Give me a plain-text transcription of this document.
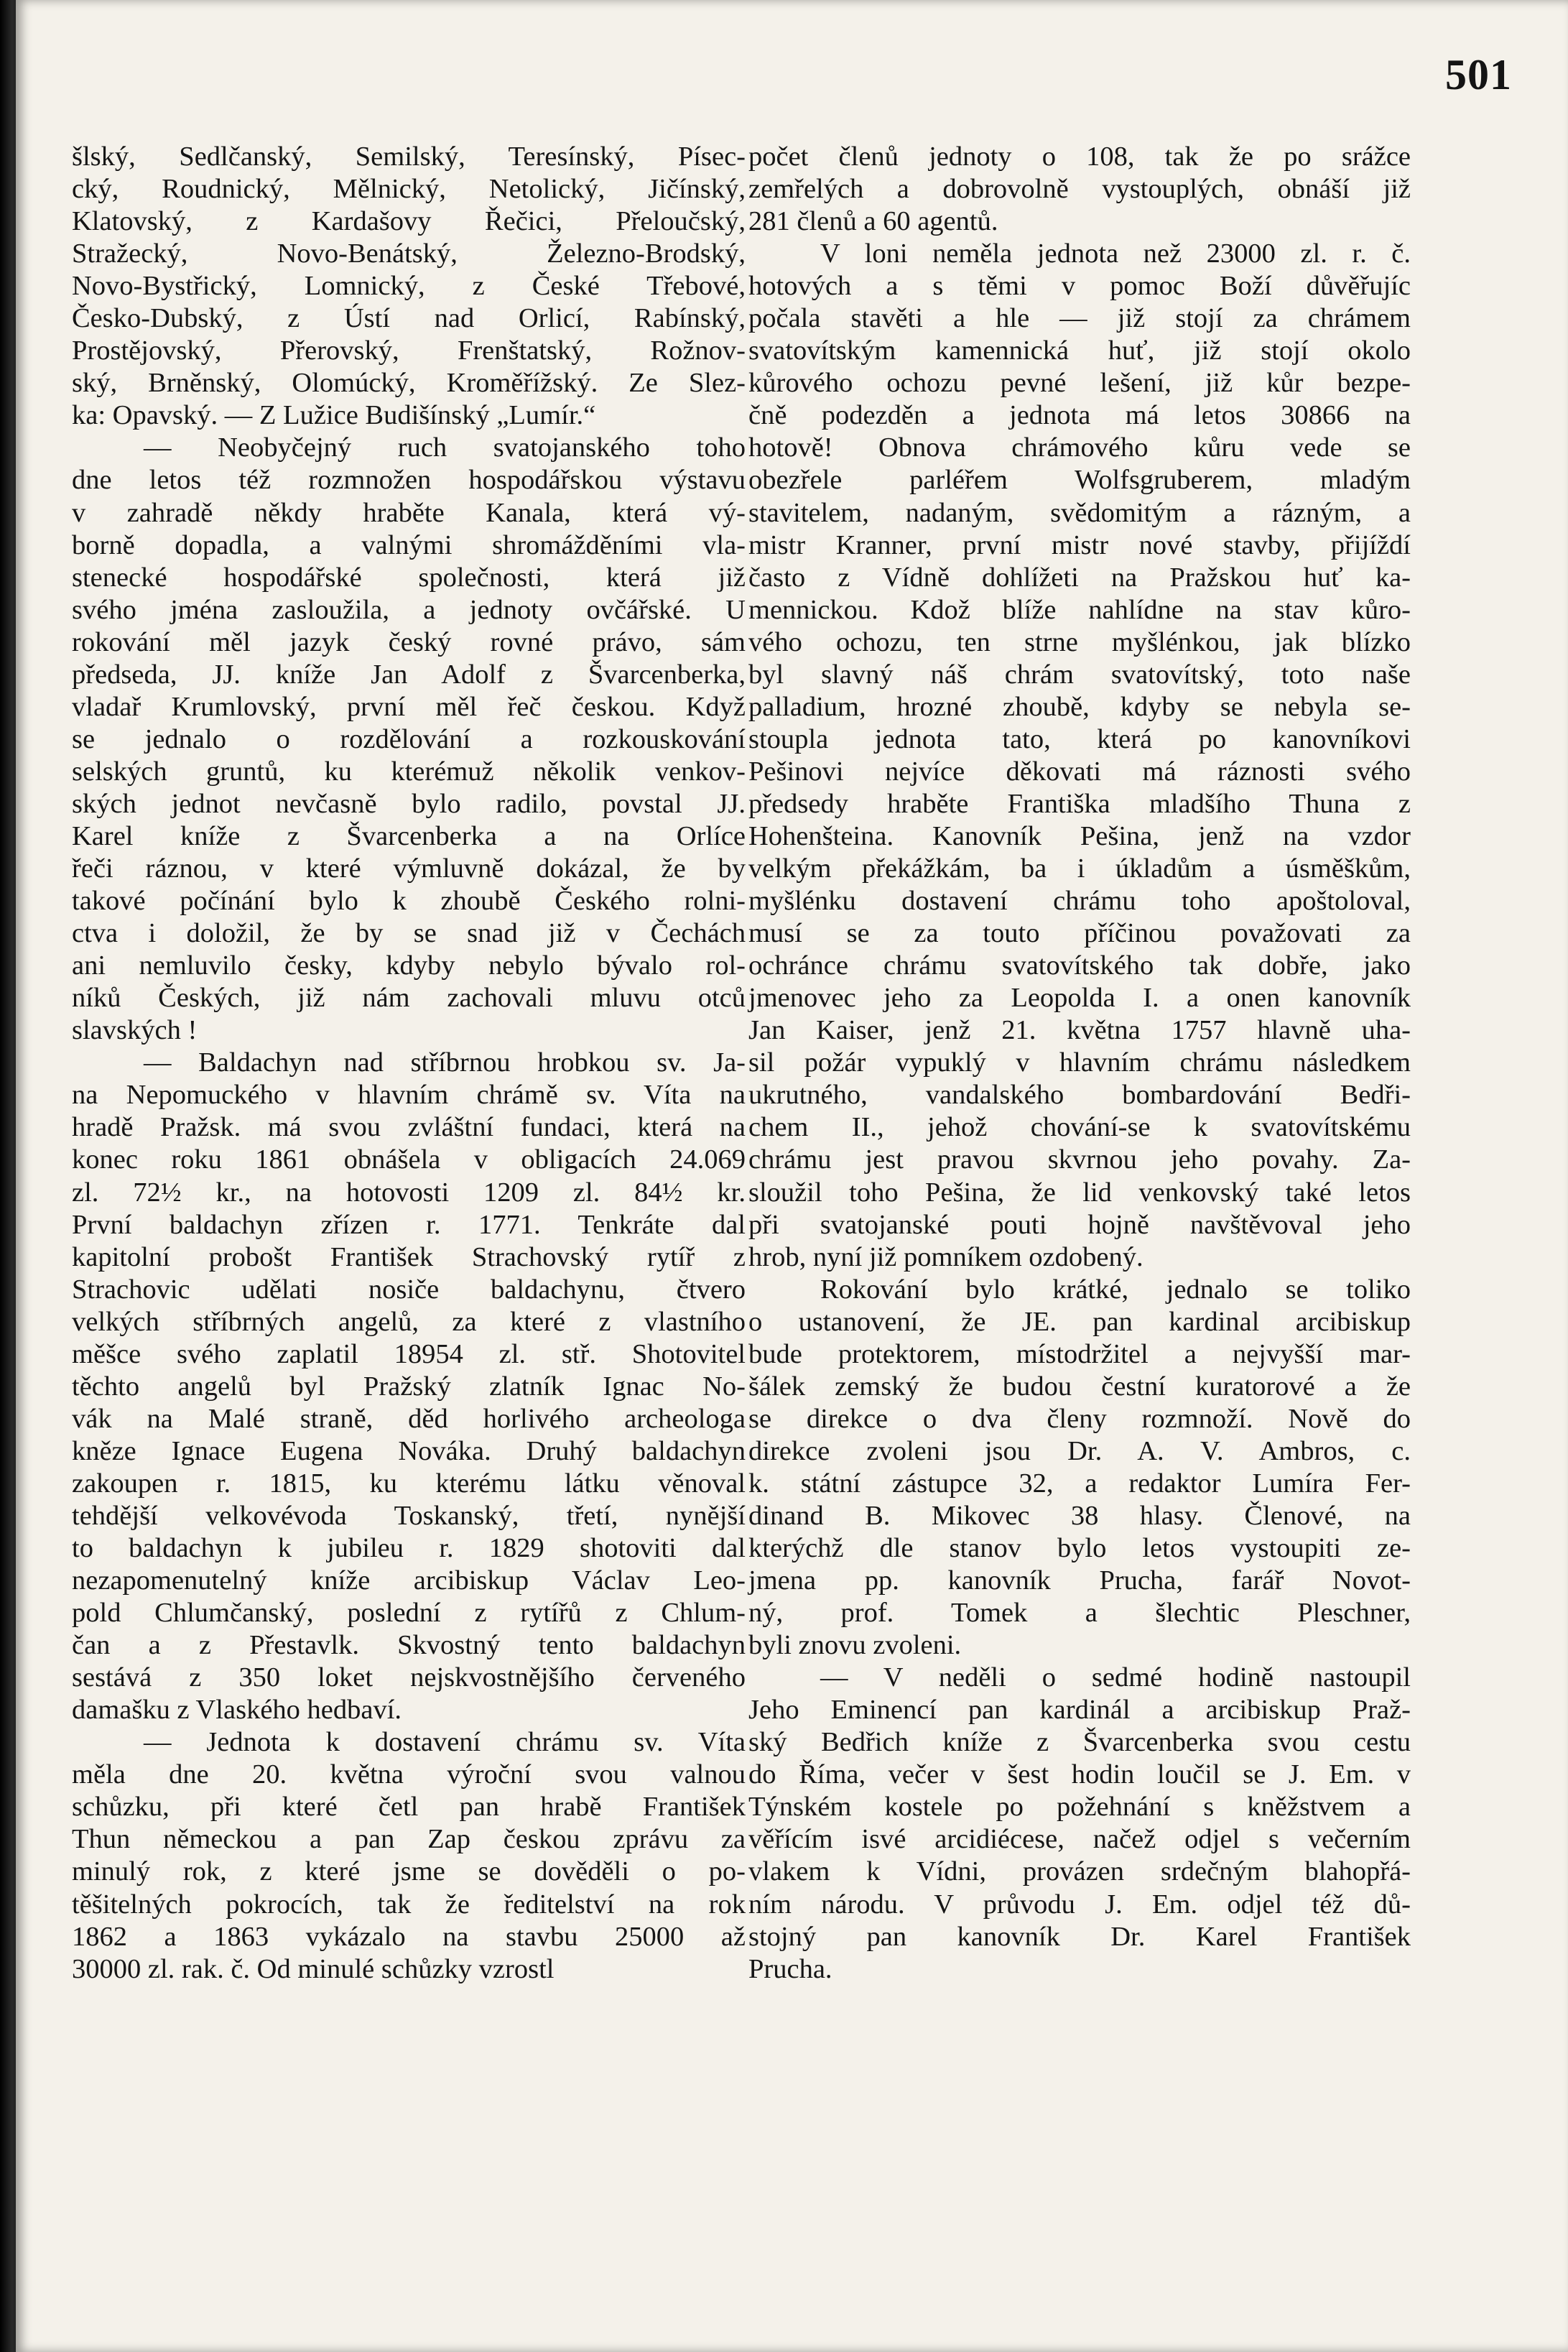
501
šlský, Sedlčanský, Semilský, Teresínský, Písec-
cký, Roudnický, Mělnický, Netolický, Jičínský,
Klatovský, z Kardašovy Řečici, Přeloučský,
Stražecký, Novo-Benátský, Železno-Brodský,
Novo-Bystřický, Lomnický, z České Třebové,
Česko-Dubský, z Ústí nad Orlicí, Rabínský,
Prostějovský, Přerovský, Frenštatský, Rožnov-
ský, Brněnský, Olomúcký, Kroměřížský. Ze Slez-
ka: Opavský. — Z Lužice Budišínský „Lumír.“
— Neobyčejný ruch svatojanského toho
dne letos též rozmnožen hospodářskou výstavu
v zahradě někdy hraběte Kanala, která vý-
borně dopadla, a valnými shromážděními vla-
stenecké hospodářské společnosti, která již
svého jména zasloužila, a jednoty ovčářské. U
rokování měl jazyk český rovné právo, sám
předseda, JJ. kníže Jan Adolf z Švarcenberka,
vladař Krumlovský, první měl řeč českou. Když
se jednalo o rozdělování a rozkouskování
selských gruntů, ku kterémuž několik venkov-
ských jednot nevčasně bylo radilo, povstal JJ.
Karel kníže z Švarcenberka a na Orlíce
řeči ráznou, v které výmluvně dokázal, že by
takové počínání bylo k zhoubě Českého rolni-
ctva i doložil, že by se snad již v Čechách
ani nemluvilo česky, kdyby nebylo bývalo rol-
níků Českých, již nám zachovali mluvu otců
slavských !
— Baldachyn nad stříbrnou hrobkou sv. Ja-
na Nepomuckého v hlavním chrámě sv. Víta na
hradě Pražsk. má svou zvláštní fundaci, která na
konec roku 1861 obnášela v obligacích 24.069
zl. 72½ kr., na hotovosti 1209 zl. 84½ kr.
První baldachyn zřízen r. 1771. Tenkráte dal
kapitolní probošt František Strachovský rytíř z
Strachovic udělati nosiče baldachynu, čtvero
velkých stříbrných angelů, za které z vlastního
měšce svého zaplatil 18954 zl. stř. Shotovitel
těchto angelů byl Pražský zlatník Ignac No-
vák na Malé straně, děd horlivého archeologa
kněze Ignace Eugena Nováka. Druhý baldachyn
zakoupen r. 1815, ku kterému látku věnoval
tehdější velkovévoda Toskanský, třetí, nynější
to baldachyn k jubileu r. 1829 shotoviti dal
nezapomenutelný kníže arcibiskup Václav Leo-
pold Chlumčanský, poslední z rytířů z Chlum-
čan a z Přestavlk. Skvostný tento baldachyn
sestává z 350 loket nejskvostnějšího červeného
damašku z Vlaského hedbaví.
— Jednota k dostavení chrámu sv. Víta
měla dne 20. května výroční svou valnou
schůzku, při které četl pan hrabě František
Thun německou a pan Zap českou zprávu za
minulý rok, z které jsme se dověděli o po-
těšitelných pokrocích, tak že ředitelství na rok
1862 a 1863 vykázalo na stavbu 25000 až
30000 zl. rak. č. Od minulé schůzky vzrostl
počet členů jednoty o 108, tak že po srážce
zemřelých a dobrovolně vystouplých, obnáší již
281 členů a 60 agentů.
V loni neměla jednota než 23000 zl. r. č.
hotových a s těmi v pomoc Boží důvěřujíc
počala stavěti a hle — již stojí za chrámem
svatovítským kamennická huť, již stojí okolo
kůrového ochozu pevné lešení, již kůr bezpe-
čně podezděn a jednota má letos 30866 na
hotově! Obnova chrámového kůru vede se
obezřele parléřem Wolfsgruberem, mladým
stavitelem, nadaným, svědomitým a rázným, a
mistr Kranner, první mistr nové stavby, přijíždí
často z Vídně dohlížeti na Pražskou huť ka-
mennickou. Kdož blíže nahlídne na stav kůro-
vého ochozu, ten strne myšlénkou, jak blízko
byl slavný náš chrám svatovítský, toto naše
palladium, hrozné zhoubě, kdyby se nebyla se-
stoupla jednota tato, která po kanovníkovi
Pešinovi nejvíce děkovati má ráznosti svého
předsedy hraběte Františka mladšího Thuna z
Hohenšteina. Kanovník Pešina, jenž na vzdor
velkým překážkám, ba i úkladům a úsměškům,
myšlénku dostavení chrámu toho apoštoloval,
musí se za touto příčinou považovati za
ochránce chrámu svatovítského tak dobře, jako
jmenovec jeho za Leopolda I. a onen kanovník
Jan Kaiser, jenž 21. května 1757 hlavně uha-
sil požár vypuklý v hlavním chrámu následkem
ukrutného, vandalského bombardování Bedři-
chem II., jehož chování-se k svatovítskému
chrámu jest pravou skvrnou jeho povahy. Za-
sloužil toho Pešina, že lid venkovský také letos
při svatojanské pouti hojně navštěvoval jeho
hrob, nyní již pomníkem ozdobený.
Rokování bylo krátké, jednalo se toliko
o ustanovení, že JE. pan kardinal arcibiskup
bude protektorem, místodržitel a nejvyšší mar-
šálek zemský že budou čestní kuratorové a že
se direkce o dva členy rozmnoží. Nově do
direkce zvoleni jsou Dr. A. V. Ambros, c.
k. státní zástupce 32, a redaktor Lumíra Fer-
dinand B. Mikovec 38 hlasy. Členové, na
kterýchž dle stanov bylo letos vystoupiti ze-
jmena pp. kanovník Prucha, farář Novot-
ný, prof. Tomek a šlechtic Pleschner,
byli znovu zvoleni.
— V neděli o sedmé hodině nastoupil
Jeho Eminencí pan kardinál a arcibiskup Praž-
ský Bedřich kníže z Švarcenberka svou cestu
do Říma, večer v šest hodin loučil se J. Em. v
Týnském kostele po požehnání s kněžstvem a
věřícím isvé arcidiécese, načež odjel s večerním
vlakem k Vídni, provázen srdečným blahopřá-
ním národu. V průvodu J. Em. odjel též dů-
stojný pan kanovník Dr. Karel František
Prucha.
